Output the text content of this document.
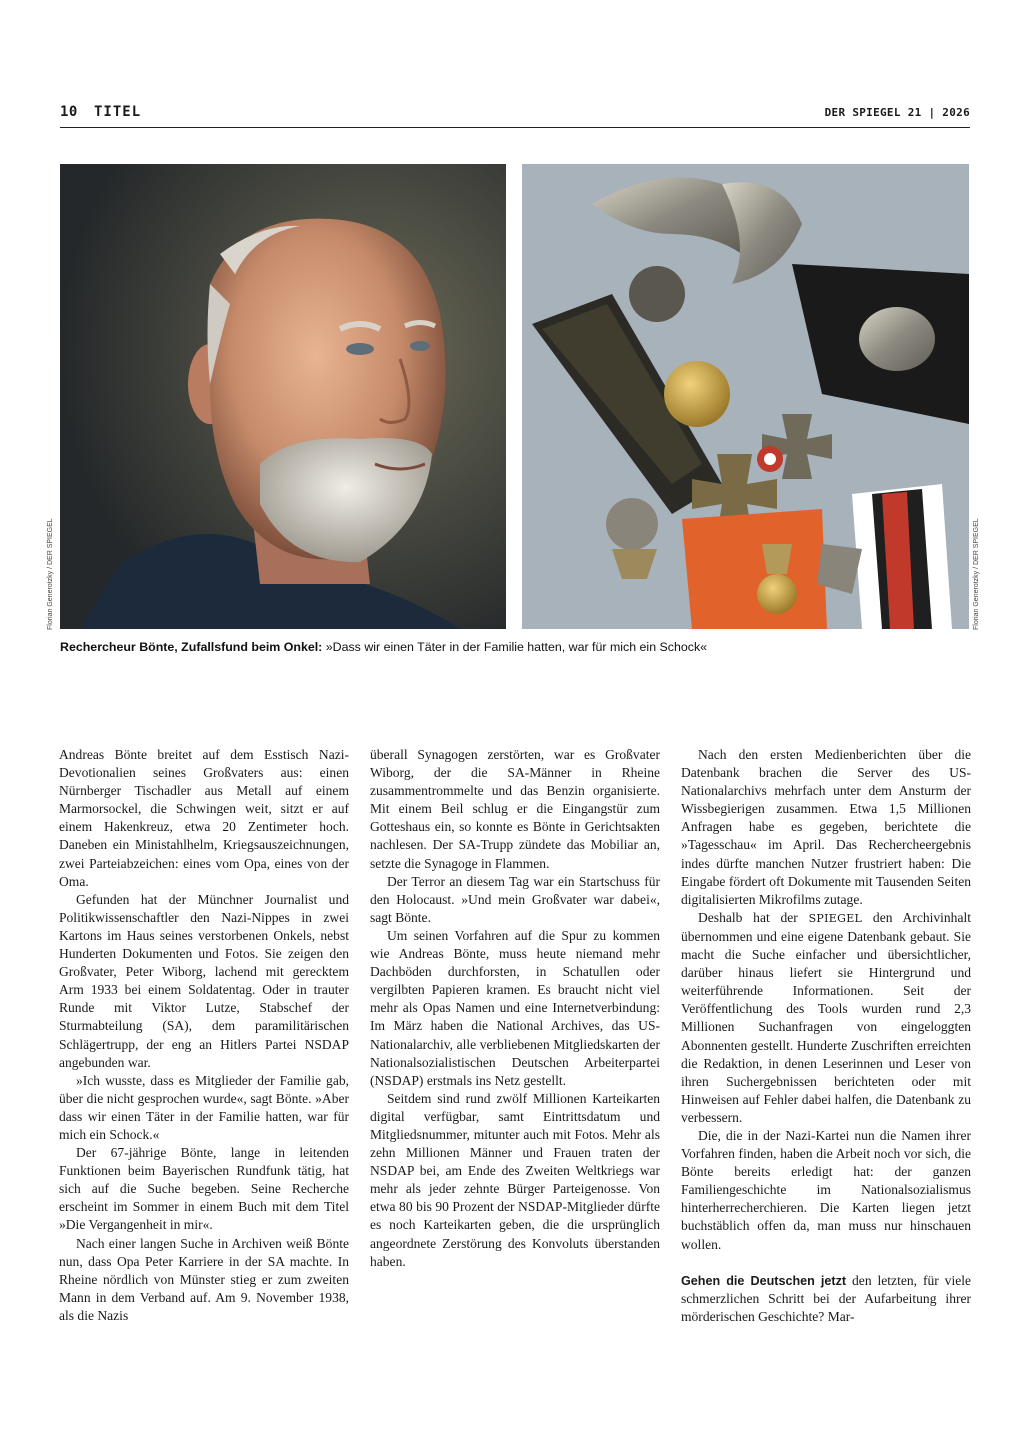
10 TITEL	DER SPIEGEL 21 | 2026
Florian Generotzky / DER SPIEGEL	Florian Generotzky / DER SPIEGEL
Rechercheur Bönte, Zufallsfund beim Onkel: »Dass wir einen Täter in der Familie hatten, war für mich ein Schock«

Andreas Bönte breitet auf dem Esstisch Nazi-Devotionalien seines Großvaters aus: einen Nürnberger Tischadler aus Metall auf einem Marmorsockel, die Schwingen weit, sitzt er auf einem Hakenkreuz, etwa 20 Zentimeter hoch. Daneben ein Ministahlhelm, Kriegsauszeichnungen, zwei Parteiabzeichen: eines vom Opa, eines von der Oma.

Gefunden hat der Münchner Journalist und Politikwissenschaftler den Nazi-Nippes in zwei Kartons im Haus seines verstorbenen Onkels, nebst Hunderten Dokumenten und Fotos. Sie zeigen den Großvater, Peter Wiborg, lachend mit gerecktem Arm 1933 bei einem Soldatentag. Oder in trauter Runde mit Viktor Lutze, Stabschef der Sturmabteilung (SA), dem paramilitärischen Schlägertrupp, der eng an Hitlers Partei NSDAP angebunden war.

»Ich wusste, dass es Mitglieder der Familie gab, über die nicht gesprochen wurde«, sagt Bönte. »Aber dass wir einen Täter in der Familie hatten, war für mich ein Schock.«

Der 67-jährige Bönte, lange in leitenden Funktionen beim Bayerischen Rundfunk tätig, hat sich auf die Suche begeben. Seine Recherche erscheint im Sommer in einem Buch mit dem Titel »Die Vergangenheit in mir«.

Nach einer langen Suche in Archiven weiß Bönte nun, dass Opa Peter Karriere in der SA machte. In Rheine nördlich von Münster stieg er zum zweiten Mann in dem Verband auf. Am 9. November 1938, als die Nazis

überall Synagogen zerstörten, war es Großvater Wiborg, der die SA-Männer in Rheine zusammentrommelte und das Benzin organisierte. Mit einem Beil schlug er die Eingangstür zum Gotteshaus ein, so konnte es Bönte in Gerichtsakten nachlesen. Der SA-Trupp zündete das Mobiliar an, setzte die Synagoge in Flammen.

Der Terror an diesem Tag war ein Startschuss für den Holocaust. »Und mein Großvater war dabei«, sagt Bönte.

Um seinen Vorfahren auf die Spur zu kommen wie Andreas Bönte, muss heute niemand mehr Dachböden durchforsten, in Schatullen oder vergilbten Papieren kramen. Es braucht nicht viel mehr als Opas Namen und eine Internetverbindung: Im März haben die National Archives, das US-Nationalarchiv, alle verbliebenen Mitgliedskarten der Nationalsozialistischen Deutschen Arbeiterpartei (NSDAP) erstmals ins Netz gestellt.

Seitdem sind rund zwölf Millionen Karteikarten digital verfügbar, samt Eintrittsdatum und Mitgliedsnummer, mitunter auch mit Fotos. Mehr als zehn Millionen Männer und Frauen traten der NSDAP bei, am Ende des Zweiten Weltkriegs war mehr als jeder zehnte Bürger Parteigenosse. Von etwa 80 bis 90 Prozent der NSDAP-Mitglieder dürfte es noch Karteikarten geben, die die ursprünglich angeordnete Zerstörung des Konvoluts überstanden haben.

Nach den ersten Medienberichten über die Datenbank brachen die Server des US-Nationalarchivs mehrfach unter dem Ansturm der Wissbegierigen zusammen. Etwa 1,5 Millionen Anfragen habe es gegeben, berichtete die »Tagesschau« im April. Das Rechercheergebnis indes dürfte manchen Nutzer frustriert haben: Die Eingabe fördert oft Dokumente mit Tausenden Seiten digitalisierten Mikrofilms zutage.

Deshalb hat der SPIEGEL den Archivinhalt übernommen und eine eigene Datenbank gebaut. Sie macht die Suche einfacher und übersichtlicher, darüber hinaus liefert sie Hintergrund und weiterführende Informationen. Seit der Veröffentlichung des Tools wurden rund 2,3 Millionen Suchanfragen von eingeloggten Abonnenten gestellt. Hunderte Zuschriften erreichten die Redaktion, in denen Leserinnen und Leser von ihren Suchergebnissen berichteten oder mit Hinweisen auf Fehler dabei halfen, die Datenbank zu verbessern.

Die, die in der Nazi-Kartei nun die Namen ihrer Vorfahren finden, haben die Arbeit noch vor sich, die Bönte bereits erledigt hat: der ganzen Familiengeschichte im Nationalsozialismus hinterherrecherchieren. Die Karten liegen jetzt buchstäblich offen da, man muss nur hinschauen wollen.

Gehen die Deutschen jetzt den letzten, für viele schmerzlichen Schritt bei der Aufarbeitung ihrer mörderischen Geschichte? Mar-
